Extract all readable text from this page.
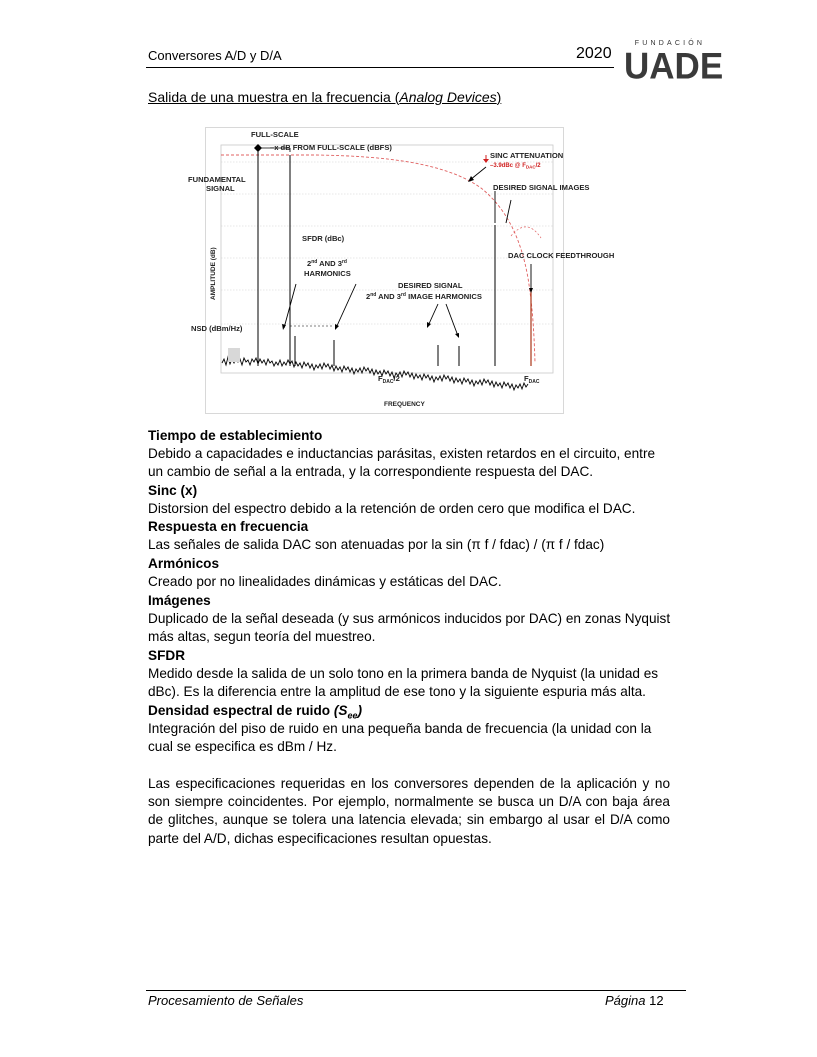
Conversores A/D y D/A	2020
FUNDACIÓN
UADE
Salida de una muestra en la frecuencia (Analog Devices)
FULL-SCALE
–x dB FROM FULL-SCALE (dBFS)
SINC ATTENUATION
FUNDAMENTAL
SIGNAL	DESIRED SIGNAL IMAGES
SFDR (dBc)
DAC CLOCK FEEDTHROUGH
2nd AND 3rd
HARMONICS
DESIRED SIGNAL
2nd AND 3rd IMAGE HARMONICS
NSD (dBm/Hz)
$F_{DAC}/2$	$F_{DAC}$
FREQUENCY
–3.9dBc @ $F_{DAC}/2$
AMPLITUDE (dB)
Tiempo de establecimiento
Debido a capacidades e inductancias parásitas, existen retardos en el circuito, entre
un cambio de señal a la entrada, y la correspondiente respuesta del DAC.
Sinc (x)
Distorsion del espectro debido a la retención de orden cero que modifica el DAC.
Respuesta en frecuencia
Las señales de salida DAC son atenuadas por la sin (π f / fdac) / (π f / fdac)
Armónicos
Creado por no linealidades dinámicas y estáticas del DAC.
Imágenes
Duplicado de la señal deseada (y sus armónicos inducidos por DAC) en zonas Nyquist
más altas, segun teoría del muestreo.
SFDR
Medido desde la salida de un solo tono en la primera banda de Nyquist (la unidad es
dBc). Es la diferencia entre la amplitud de ese tono y la siguiente espuria más alta.
Densidad espectral de ruido $(S_{ee})$
Integración del piso de ruido en una pequeña banda de frecuencia (la unidad con la
cual se especifica es dBm / Hz.
Las especificaciones requeridas en los conversores dependen de la aplicación y no son siempre coincidentes. Por ejemplo, normalmente se busca un D/A con baja área de glitches, aunque se tolera una latencia elevada; sin embargo al usar el D/A como parte del A/D, dichas especificaciones resultan opuestas.
Procesamiento de Señales	Página 12
